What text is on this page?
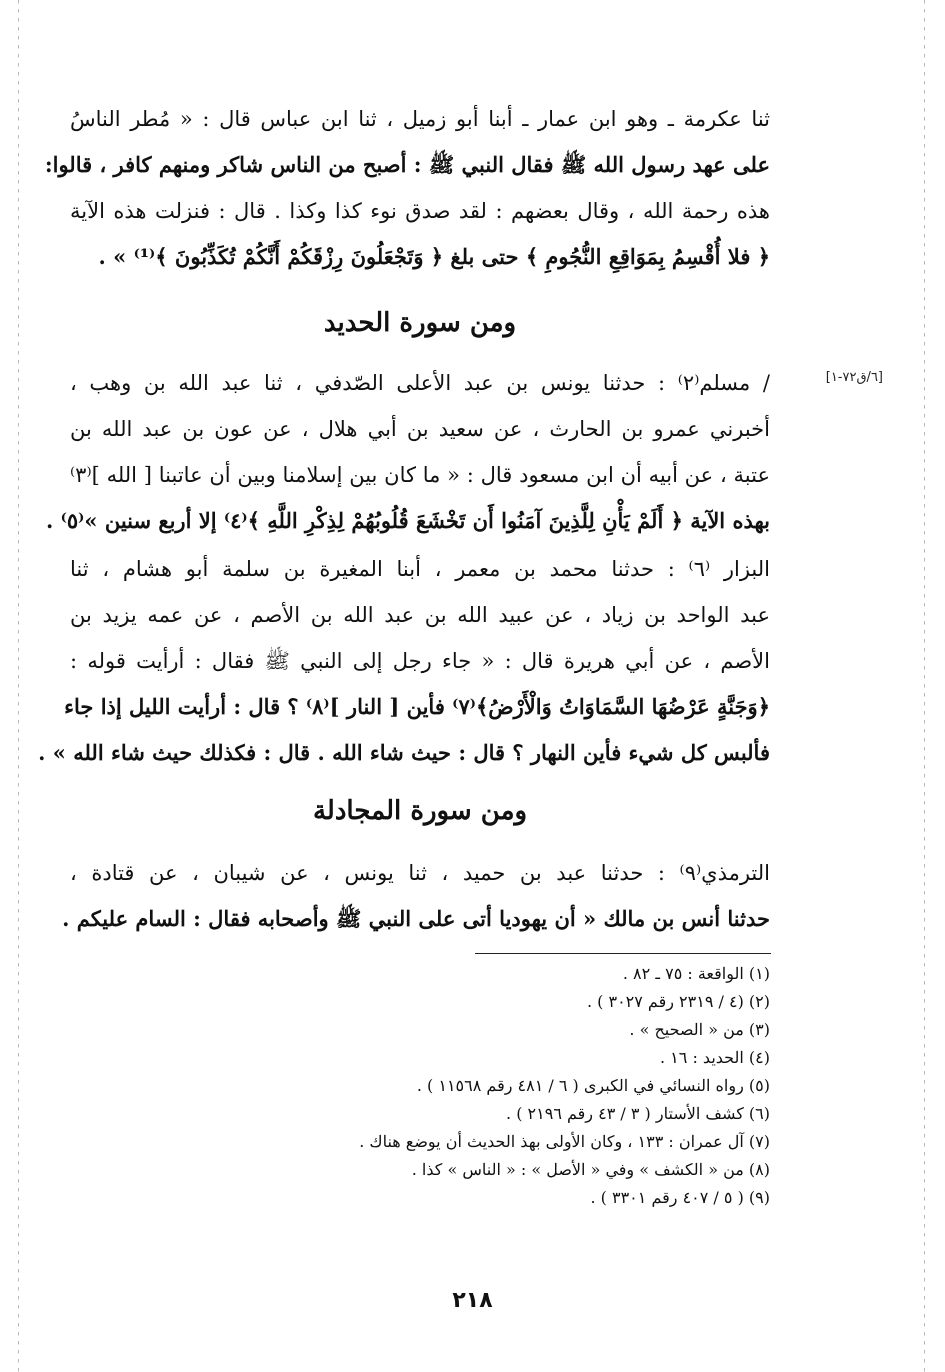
ثنا عكرمة ـ وهو ابن عمار ـ أبنا أبو زميل ، ثنا ابن عباس قال : « مُطر الناسُ
على عهد رسول الله ﷺ فقال النبي ﷺ : أصبح من الناس شاكر ومنهم كافر ، قالوا:
هذه رحمة الله ، وقال بعضهم : لقد صدق نوء كذا وكذا . قال : فنزلت هذه الآية
﴿ فلا أُقْسِمُ بِمَوَاقِعِ النُّجُومِ ﴾ حتى بلغ ﴿ وَتَجْعَلُونَ رِزْقَكُمْ أَنَّكُمْ تُكَذِّبُونَ ﴾⁽¹⁾ » .
ومن سورة الحديد
[٦/ق٧٢-١]
/ مسلم⁽٢⁾ : حدثنا يونس بن عبد الأعلى الصّدفي ، ثنا عبد الله بن وهب ،
أخبرني عمرو بن الحارث ، عن سعيد بن أبي هلال ، عن عون بن عبد الله بن
عتبة ، عن أبيه أن ابن مسعود قال : « ما كان بين إسلامنا وبين أن عاتبنا [ الله ]⁽٣⁾
بهذه الآية ﴿ أَلَمْ يَأْنِ لِلَّذِينَ آمَنُوا أَن تَخْشَعَ قُلُوبُهُمْ لِذِكْرِ اللَّهِ ﴾⁽٤⁾ إلا أربع سنين »⁽٥⁾ .
البزار ⁽٦⁾ : حدثنا محمد بن معمر ، أبنا المغيرة بن سلمة أبو هشام ، ثنا
عبد الواحد بن زياد ، عن عبيد الله بن عبد الله بن الأصم ، عن عمه يزيد بن
الأصم ، عن أبي هريرة قال : « جاء رجل إلى النبي ﷺ فقال : أرأيت قوله :
﴿وَجَنَّةٍ عَرْضُهَا السَّمَاوَاتُ وَالْأَرْضُ﴾⁽٧⁾ فأين [ النار ]⁽٨⁾ ؟ قال : أرأيت الليل إذا جاء
فألبس كل شيء فأين النهار ؟ قال : حيث شاء الله . قال : فكذلك حيث شاء الله » .
ومن سورة المجادلة
الترمذي⁽٩⁾ : حدثنا عبد بن حميد ، ثنا يونس ، عن شيبان ، عن قتادة ،
حدثنا أنس بن مالك « أن يهوديا أتى على النبي ﷺ وأصحابه فقال : السام عليكم .
(١) الواقعة : ٧٥ ـ ٨٢ .
(٢) (٤ / ٢٣١٩ رقم ٣٠٢٧ ) .
(٣) من « الصحيح » .
(٤) الحديد : ١٦ .
(٥) رواه النسائي في الكبرى ( ٦ / ٤٨١ رقم ١١٥٦٨ ) .
(٦) كشف الأستار ( ٣ / ٤٣ رقم ٢١٩٦ ) .
(٧) آل عمران : ١٣٣ ، وكان الأولى بهذ الحديث أن يوضع هناك .
(٨) من « الكشف » وفي « الأصل » : « الناس » كذا .
(٩) ( ٥ / ٤٠٧ رقم ٣٣٠١ ) .
٢١٨
